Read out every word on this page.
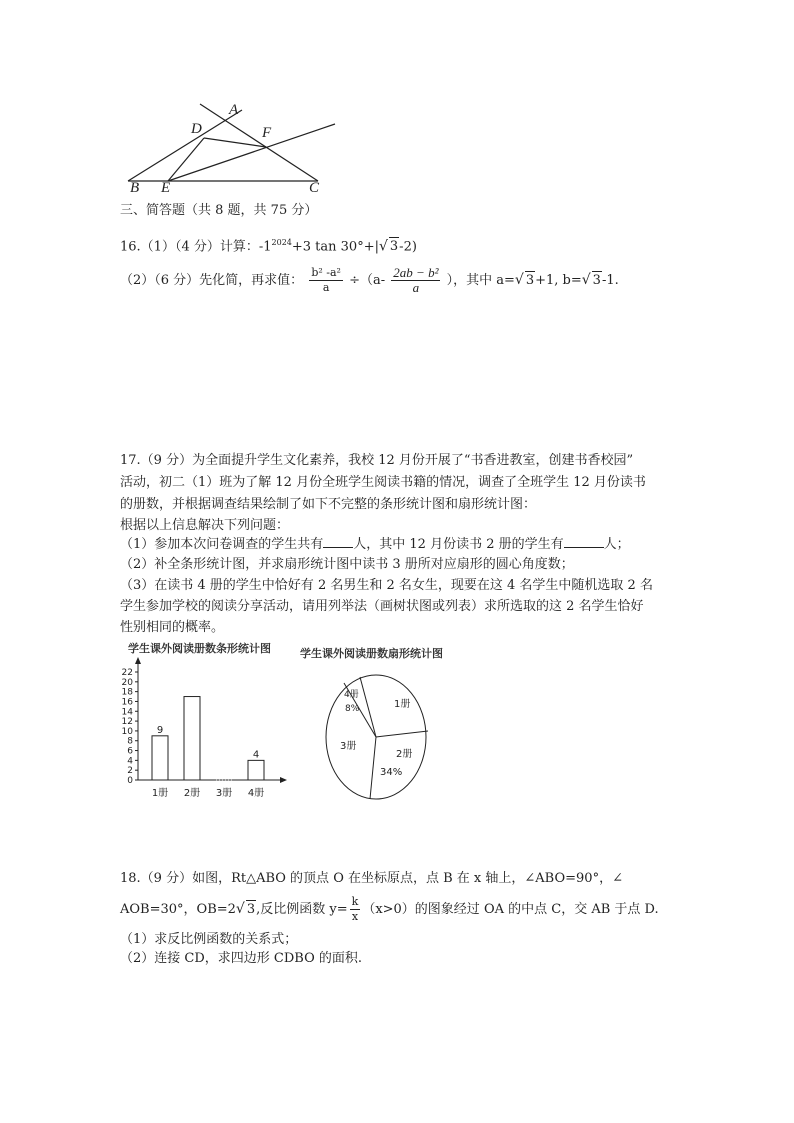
A
D	F
B E	C
三、简答题（共 8 题，共 75 分）
16.（1）（4 分）计算：$-1^{2024}+3$ tan 30°+|√ 3-2)
（2）（6 分）先化简，再求值： $\frac{\text{b² -a²}}{a} \div(a- \frac{\text{2ab − b²}}{a}$ ），其中 a=√ 3+1, b=√ 3-1.
17.（9 分）为全面提升学生文化素养，我校 12 月份开展了“书香进教室，创建书香校园”
活动，初二（1）班为了解 12 月份全班学生阅读书籍的情况，调查了全班学生 12 月份读书
的册数，并根据调查结果绘制了如下不完整的条形统计图和扇形统计图：
根据以上信息解决下列问题：
（1）参加本次问卷调查的学生共有 人，其中 12 月份读书 2 册的学生有	人；
（2）补全条形统计图，并求扇形统计图中读书 3 册所对应扇形的圆心角度数；
（3）在读书 4 册的学生中恰好有 2 名男生和 2 名女生，现要在这 4 名学生中随机选取 2 名
学生参加学校的阅读分享活动，请用列举法（画树状图或列表）求所选取的这 2 名学生恰好
性别相同的概率。
学生课外阅读册数条形统计图
0
2
4
6
8
10
12
14
16
18
20
22
9
1册 2册 3册
4
4册
学生课外阅读册数扇形统计图
1册
2册
34%
3册
4册
8%
18.（9 分）如图，Rt△ABO 的顶点 O 在坐标原点，点 B 在 x 轴上，∠ABO=90°，∠
AOB=30°，OB=2√ 3,反比例函数 $y= \frac{k}{x} (x>0)$的图象经过 OA 的中点 C，交 AB 于点 D.
（1）求反比例函数的关系式；
（2）连接 CD，求四边形 CDBO 的面积.
